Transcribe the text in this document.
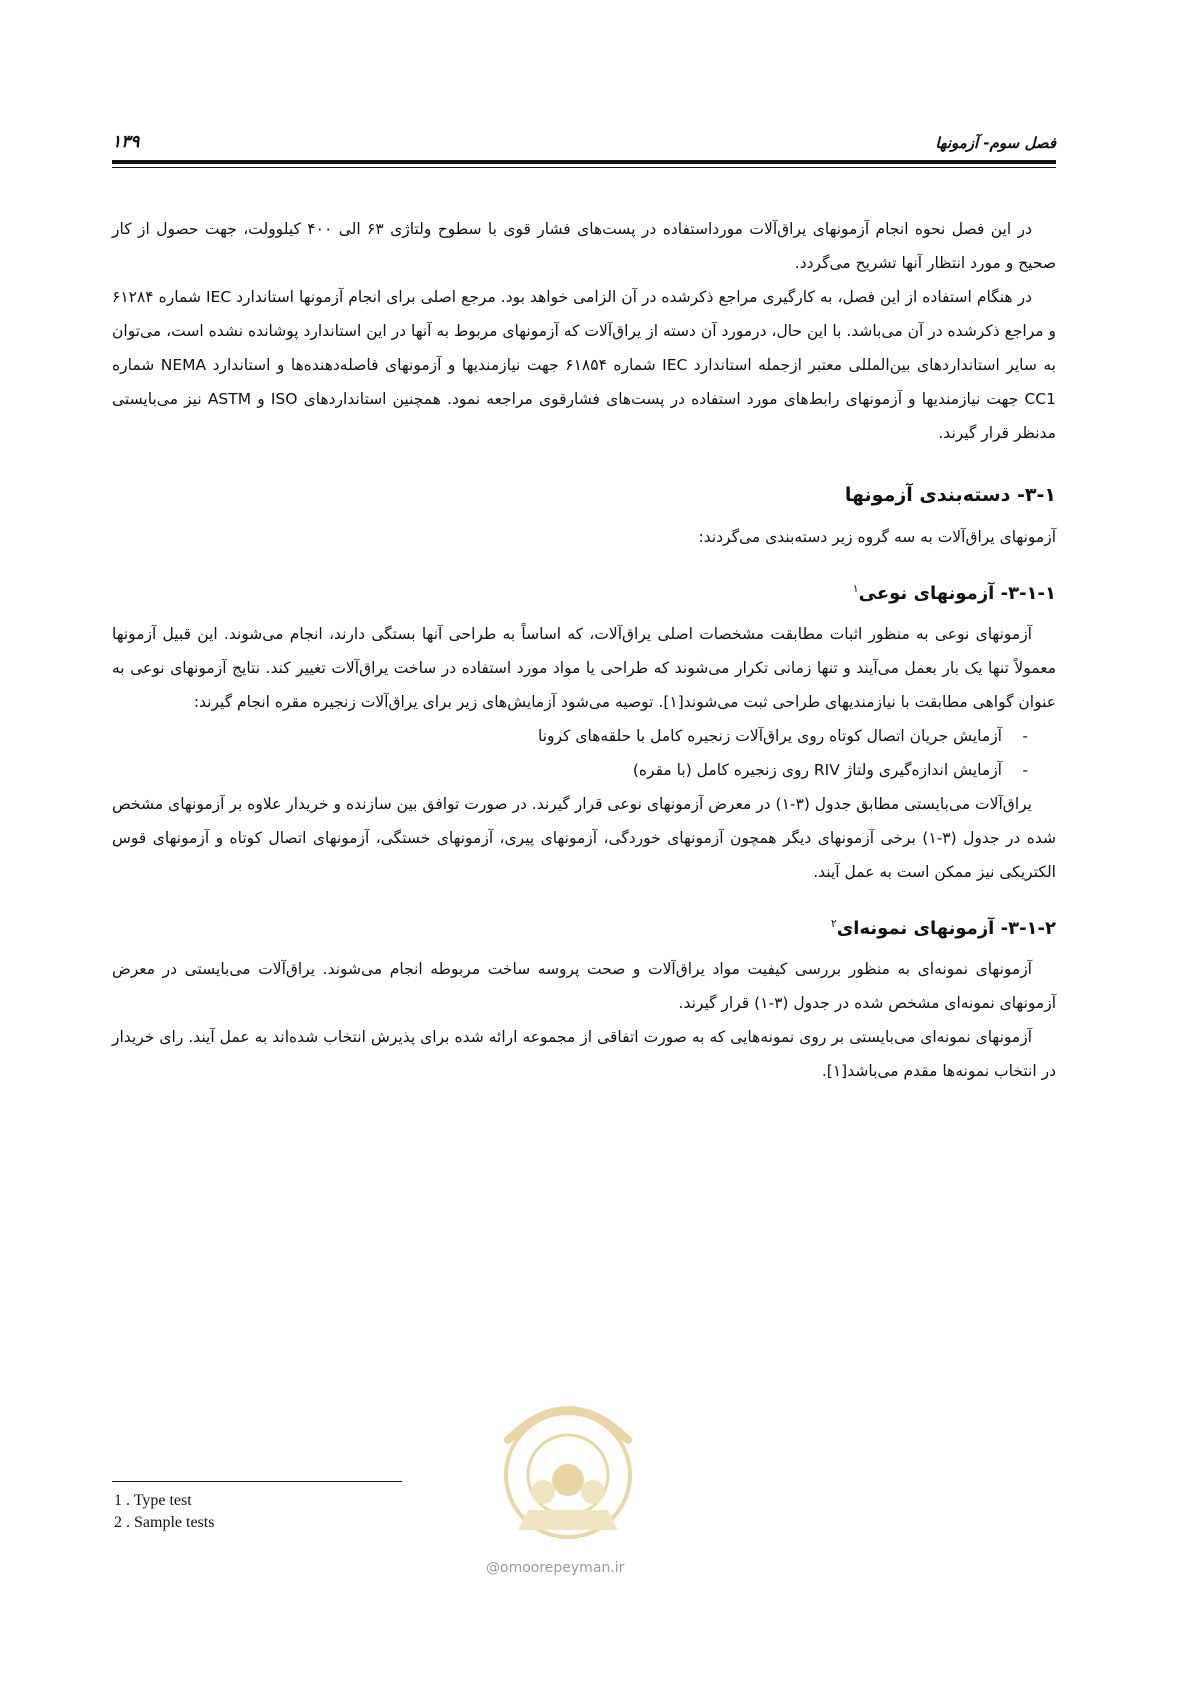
فصل سوم- آزمونها
۱۳۹

در این فصل نحوه انجام آزمونهای یراق‌آلات مورداستفاده در پست‌های فشار قوی با سطوح ولتاژی ۶۳ الی ۴۰۰ کیلوولت، جهت حصول از کار صحیح و مورد انتظار آنها تشریح می‌گردد.

در هنگام استفاده از این فصل، به کارگیری مراجع ذکرشده در آن الزامی خواهد بود. مرجع اصلی برای انجام آزمونها استاندارد IEC شماره ۶۱۲۸۴ و مراجع ذکرشده در آن می‌باشد. با این حال، درمورد آن دسته از یراق‌آلات که آزمونهای مربوط به آنها در این استاندارد پوشانده نشده است، می‌توان به سایر استانداردهای بین‌المللی معتبر ازجمله استاندارد IEC شماره ۶۱۸۵۴ جهت نیازمندیها و آزمونهای فاصله‌دهنده‌ها و استاندارد NEMA شماره CC1 جهت نیازمندیها و آزمونهای رابط‌های مورد استفاده در پست‌های فشارقوی مراجعه نمود. همچنین استانداردهای ISO و ASTM نیز می‌بایستی مدنظر قرار گیرند.

۳-۱- دسته‌بندی آزمونها

آزمونهای یراق‌آلات به سه گروه زیر دسته‌بندی می‌گردند:

۳-۱-۱- آزمونهای نوعی$^۱$

آزمونهای نوعی به منظور اثبات مطابقت مشخصات اصلی یراق‌آلات، که اساساً به طراحی آنها بستگی دارند، انجام می‌شوند. این قبیل آزمونها معمولاً تنها یک بار بعمل می‌آیند و تنها زمانی تکرار می‌شوند که طراحی یا مواد مورد استفاده در ساخت یراق‌آلات تغییر کند. نتایج آزمونهای نوعی به عنوان گواهی مطابقت با نیازمندیهای طراحی ثبت می‌شوند[۱]. توصیه می‌شود آزمایش‌های زیر برای یراق‌آلات زنجیره مقره انجام گیرند:

-آزمایش جریان اتصال کوتاه روی یراق‌آلات زنجیره کامل با حلقه‌های کرونا
-آزمایش اندازه‌گیری ولتاژ RIV روی زنجیره کامل (با مقره)

یراق‌آلات می‌بایستی مطابق جدول (۳-۱) در معرض آزمونهای نوعی قرار گیرند. در صورت توافق بین سازنده و خریدار علاوه بر آزمونهای مشخص شده در جدول (۳-۱) برخی آزمونهای دیگر همچون آزمونهای خوردگی، آزمونهای پیری، آزمونهای خستگی، آزمونهای اتصال کوتاه و آزمونهای قوس الکتریکی نیز ممکن است به عمل آیند.

۳-۱-۲- آزمونهای نمونه‌ای$^۲$

آزمونهای نمونه‌ای به منظور بررسی کیفیت مواد یراق‌آلات و صحت پروسه ساخت مربوطه انجام می‌شوند. یراق‌آلات می‌بایستی در معرض آزمونهای نمونه‌ای مشخص شده در جدول (۳-۱) قرار گیرند.

آزمونهای نمونه‌ای می‌بایستی بر روی نمونه‌هایی که به صورت اتفاقی از مجموعه ارائه شده برای پذیرش انتخاب شده‌اند به عمل آیند. رای خریدار در انتخاب نمونه‌ها مقدم می‌باشد[۱].

@omoorepeyman.ir
1 . Type test
2 . Sample tests
